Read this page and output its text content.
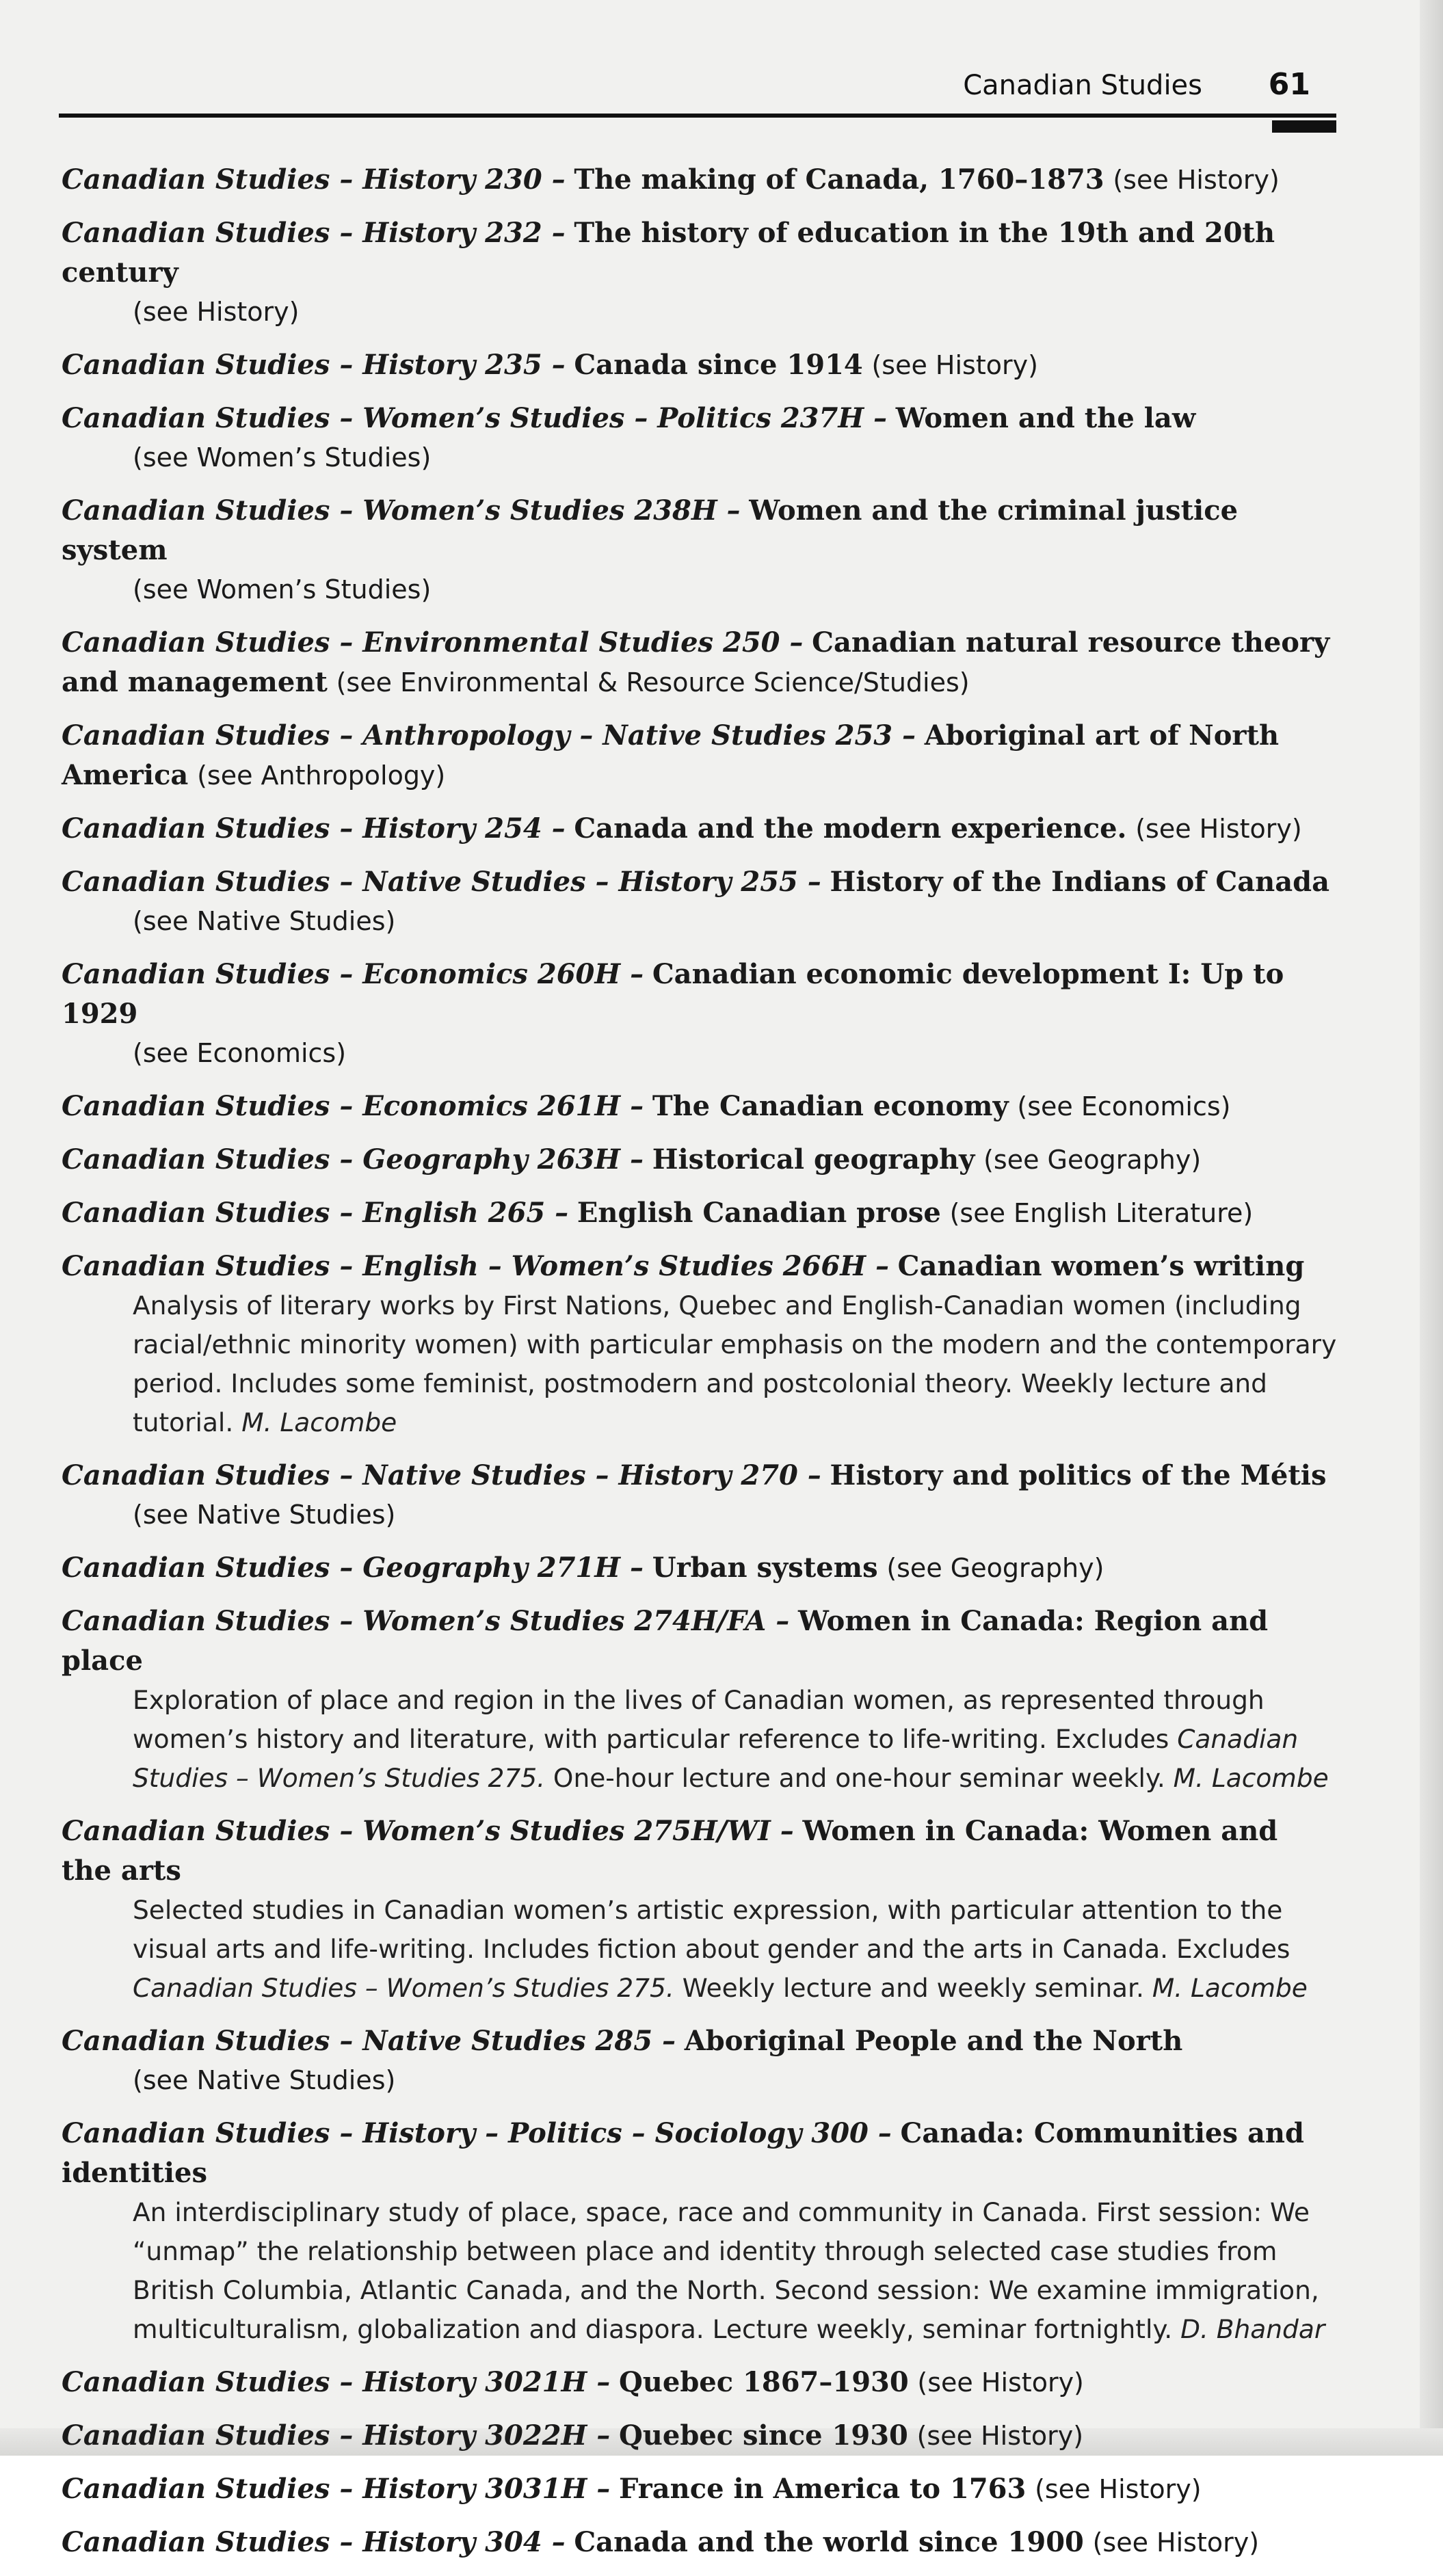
Canadian Studies 61
Canadian Studies – History 230 – The making of Canada, 1760–1873 (see History)
Canadian Studies – History 232 – The history of education in the 19th and 20th century
(see History)
Canadian Studies – History 235 – Canada since 1914 (see History)
Canadian Studies – Women’s Studies – Politics 237H – Women and the law
(see Women’s Studies)
Canadian Studies – Women’s Studies 238H – Women and the criminal justice system
(see Women’s Studies)
Canadian Studies – Environmental Studies 250 – Canadian natural resource theory and management (see Environmental & Resource Science/Studies)
Canadian Studies – Anthropology – Native Studies 253 – Aboriginal art of North America (see Anthropology)
Canadian Studies – History 254 – Canada and the modern experience. (see History)
Canadian Studies – Native Studies – History 255 – History of the Indians of Canada
(see Native Studies)
Canadian Studies – Economics 260H – Canadian economic development I: Up to 1929
(see Economics)
Canadian Studies – Economics 261H – The Canadian economy (see Economics)
Canadian Studies – Geography 263H – Historical geography (see Geography)
Canadian Studies – English 265 – English Canadian prose (see English Literature)
Canadian Studies – English – Women’s Studies 266H – Canadian women’s writing
Analysis of literary works by First Nations, Quebec and English-Canadian women (including racial/ethnic minority women) with particular emphasis on the modern and the contemporary period. Includes some feminist, postmodern and postcolonial theory. Weekly lecture and tutorial. M. Lacombe
Canadian Studies – Native Studies – History 270 – History and politics of the Métis
(see Native Studies)
Canadian Studies – Geography 271H – Urban systems (see Geography)
Canadian Studies – Women’s Studies 274H/FA – Women in Canada: Region and place
Exploration of place and region in the lives of Canadian women, as represented through women’s history and literature, with particular reference to life-writing. Excludes Canadian Studies – Women’s Studies 275. One-hour lecture and one-hour seminar weekly. M. Lacombe
Canadian Studies – Women’s Studies 275H/WI – Women in Canada: Women and the arts
Selected studies in Canadian women’s artistic expression, with particular attention to the visual arts and life-writing. Includes fiction about gender and the arts in Canada. Excludes Canadian Studies – Women’s Studies 275. Weekly lecture and weekly seminar. M. Lacombe
Canadian Studies – Native Studies 285 – Aboriginal People and the North
(see Native Studies)
Canadian Studies – History – Politics – Sociology 300 – Canada: Communities and identities
An interdisciplinary study of place, space, race and community in Canada. First session: We “unmap” the relationship between place and identity through selected case studies from British Columbia, Atlantic Canada, and the North. Second session: We examine immigration, multiculturalism, globalization and diaspora. Lecture weekly, seminar fortnightly. D. Bhandar
Canadian Studies – History 3021H – Quebec 1867–1930 (see History)
Canadian Studies – History 3022H – Quebec since 1930 (see History)
Canadian Studies – History 3031H – France in America to 1763 (see History)
Canadian Studies – History 304 – Canada and the world since 1900 (see History)
